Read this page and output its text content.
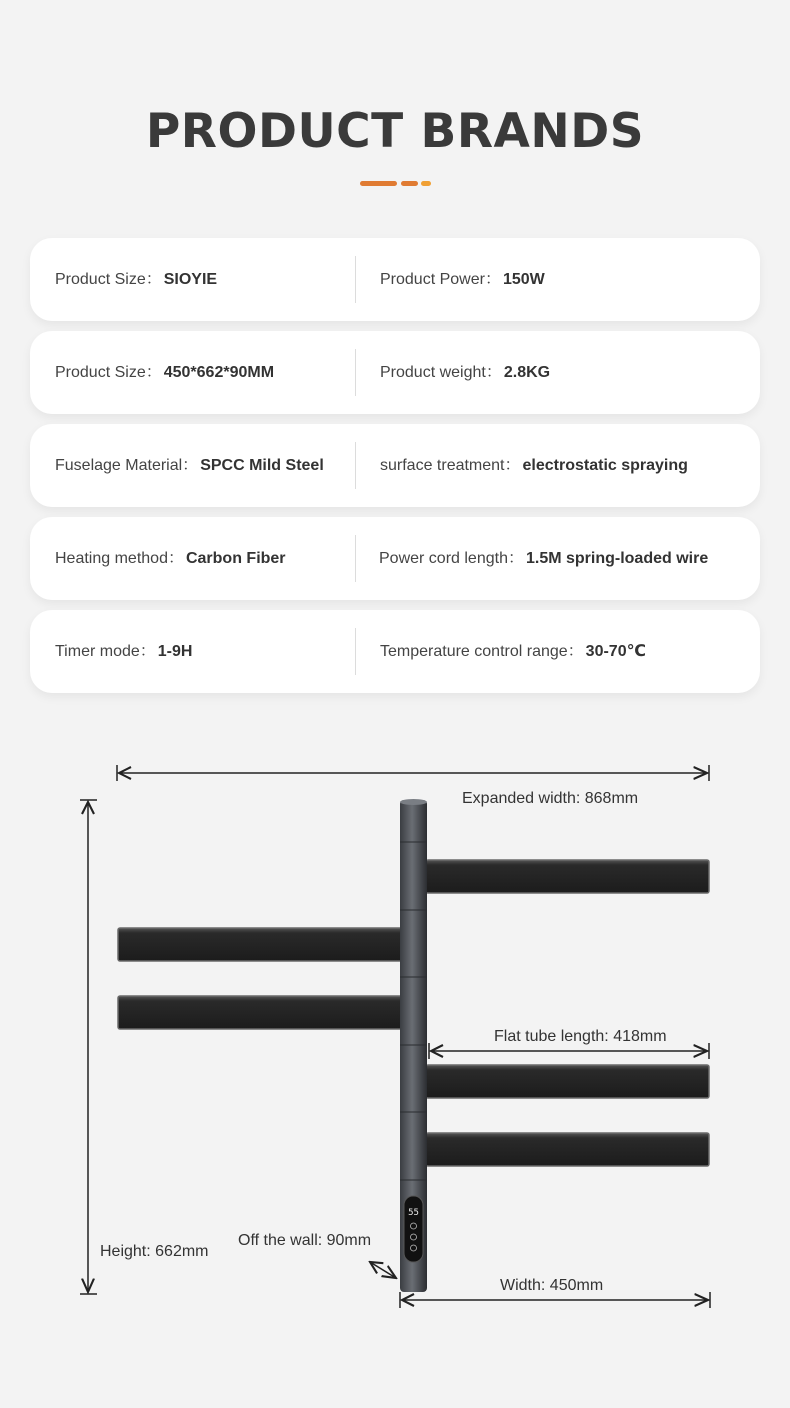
PRODUCT BRANDS
Product Size： SIOYIE	Product Power： 150W
Product Size： 450*662*90MM	Product weight： 2.8KG
Fuselage Material： SPCC Mild Steel	surface treatment： electrostatic spraying
Heating method： Carbon Fiber	Power cord length： 1.5M spring-loaded wire
Timer mode： 1-9H	Temperature control range： 30-70℃
55
Expanded width: 868mm
Flat tube length: 418mm
Off the wall: 90mm
Height: 662mm
Width: 450mm
